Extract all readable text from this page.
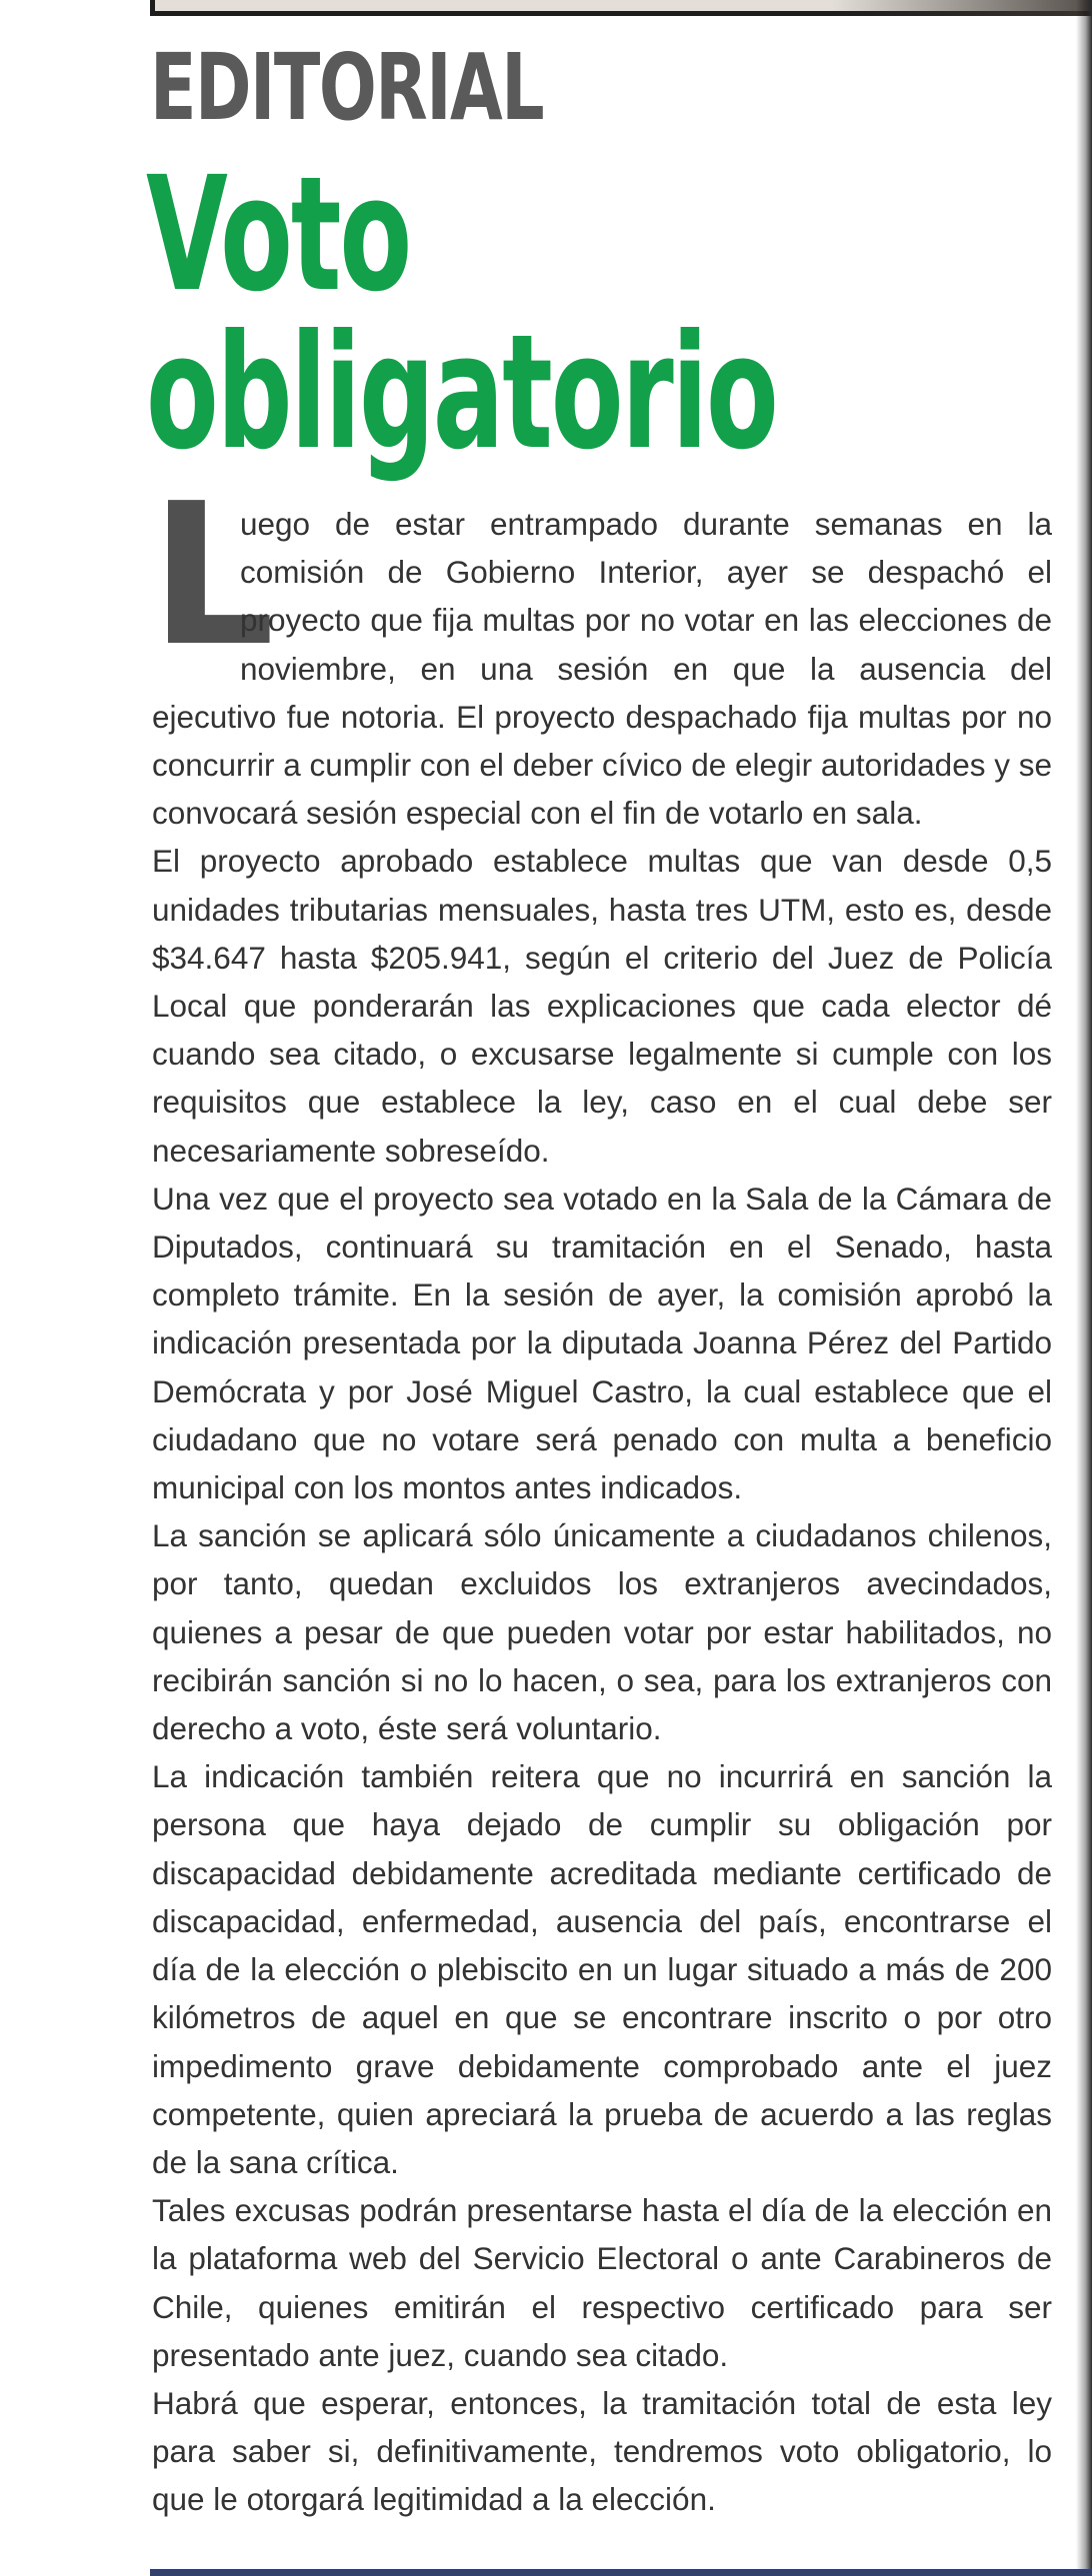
EDITORIAL
Voto
obligatorio

L
uego de estar entrampado durante semanas en la comisión de Gobierno Interior, ayer se despachó el proyecto que fija multas por no votar en las elecciones de noviembre, en una sesión en que la ausencia del ejecutivo fue notoria. El proyecto despachado fija multas por no concurrir a cumplir con el deber cívico de elegir autoridades y se convocará sesión especial con el fin de votarlo en sala.

El proyecto aprobado establece multas que van desde 0,5 unidades tributarias mensuales, hasta tres UTM, esto es, desde $34.647 hasta $205.941, según el criterio del Juez de Policía Local que ponderarán las explicaciones que cada elector dé cuando sea citado, o excusarse legalmente si cumple con los requisitos que establece la ley, caso en el cual debe ser necesariamente sobreseído.

Una vez que el proyecto sea votado en la Sala de la Cámara de Diputados, continuará su tramitación en el Senado, hasta completo trámite. En la sesión de ayer, la comisión aprobó la indicación presentada por la diputada Joanna Pérez del Partido Demócrata y por José Miguel Castro, la cual establece que el ciudadano que no votare será penado con multa a beneficio municipal con los montos antes indicados.

La sanción se aplicará sólo únicamente a ciudadanos chilenos, por tanto, quedan excluidos los extranjeros avecindados, quienes a pesar de que pueden votar por estar habilitados, no recibirán sanción si no lo hacen, o sea, para los extranjeros con derecho a voto, éste será voluntario.

La indicación también reitera que no incurrirá en sanción la persona que haya dejado de cumplir su obligación por discapacidad debidamente acreditada mediante certificado de discapacidad, enfermedad, ausencia del país, encontrarse el día de la elección o plebiscito en un lugar situado a más de 200 kilómetros de aquel en que se encontrare inscrito o por otro impedimento grave debidamente comprobado ante el juez competente, quien apreciará la prueba de acuerdo a las reglas de la sana crítica.

Tales excusas podrán presentarse hasta el día de la elección en la plataforma web del Servicio Electoral o ante Carabineros de Chile, quienes emitirán el respectivo certificado para ser presentado ante juez, cuando sea citado.

Habrá que esperar, entonces, la tramitación total de esta ley para saber si, definitivamente, tendremos voto obligatorio, lo que le otorgará legitimidad a la elección.
